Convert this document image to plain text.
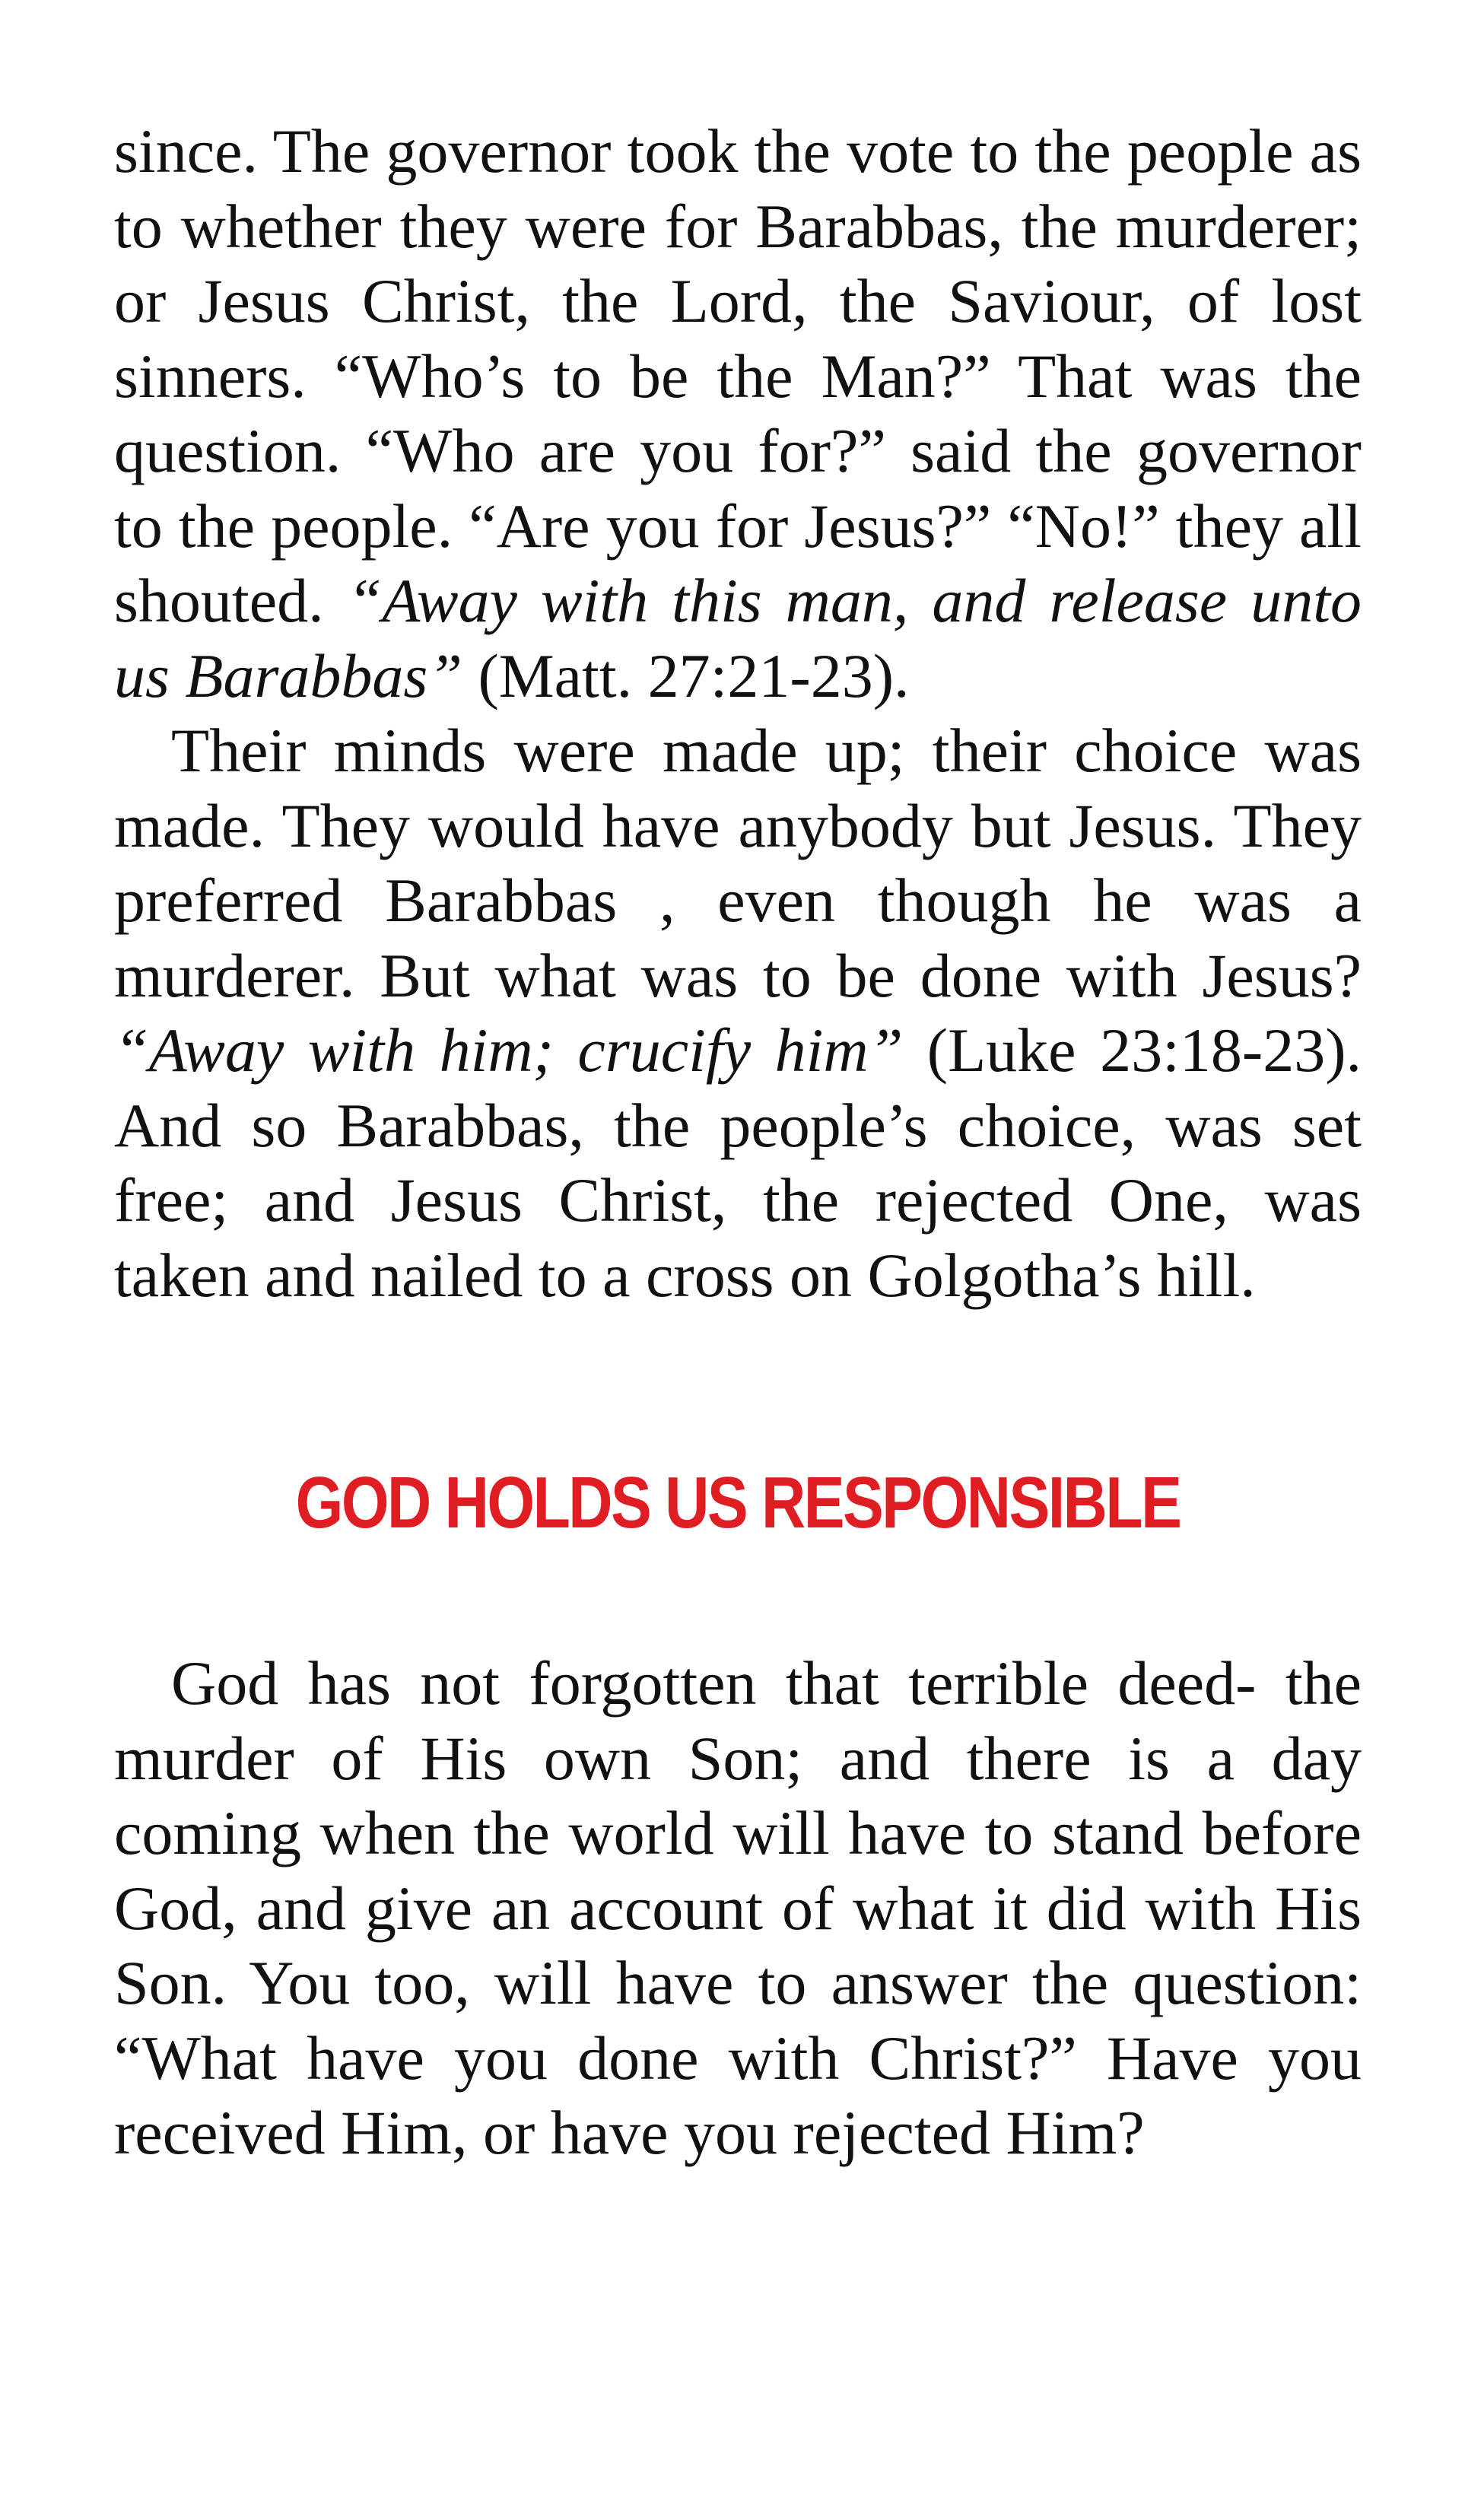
since. The governor took the vote to the people as to whether they were for Barabbas, the murderer; or Jesus Christ, the Lord, the Saviour, of lost sinners. “Who’s to be the Man?” That was the question. “Who are you for?” said the governor to the people. “Are you for Jesus?” “No!” they all shouted. “Away with this man, and release unto us Barabbas” (Matt. 27:21-23).

Their minds were made up; their choice was made. They would have anybody but Jesus. They preferred Barabbas , even though he was a murderer. But what was to be done with Jesus? “Away with him; crucify him” (Luke 23:18-23). And so Barabbas, the people’s choice, was set free; and Jesus Christ, the rejected One, was taken and nailed to a cross on Golgotha’s hill.

GOD HOLDS US RESPONSIBLE

God has not forgotten that terrible deed- the murder of His own Son; and there is a day coming when the world will have to stand before God, and give an account of what it did with His Son. You too, will have to answer the question: “What have you done with Christ?” Have you received Him, or have you rejected Him?
